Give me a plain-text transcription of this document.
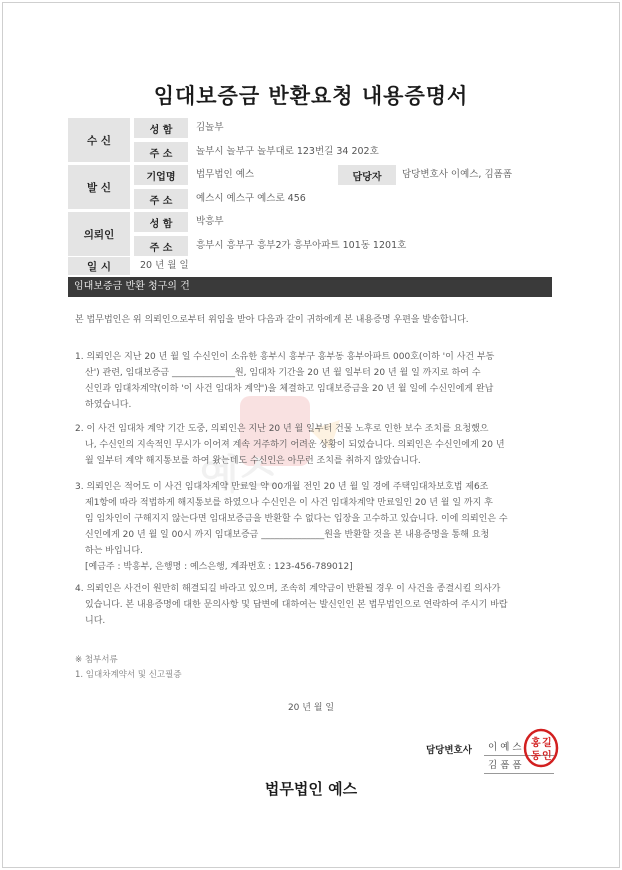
임대보증금 반환요청 내용증명서
수 신
성 함	김놀부
주 소	놀부시 놀부구 놀부대로 123번길 34 202호
발 신
기업명	법무법인 예스	담당자	담당변호사 이예스, 김폼폼
주 소	예스시 예스구 예스로 456
의뢰인
성 함	박흥부
주 소	흥부시 흥부구 흥부2가 흥부아파트 101동 1201호
일 시	20 년 월 일
임대보증금 반환 청구의 건
본 법무법인은 위 의뢰인으로부터 위임을 받아 다음과 같이 귀하에게 본 내용증명 우편을 발송합니다.
예스
1. 의뢰인은 지난 20 년 월 일 수신인이 소유한 흥부시 흥부구 흥부동 흥부아파트 000호(이하 '이 사건 부동
산') 관련, 임대보증금 ______________원, 임대차 기간을 20 년 월 일부터 20 년 월 일 까지로 하여 수
신인과 임대차계약(이하 '이 사건 임대차 계약')을 체결하고 임대보증금을 20 년 월 일에 수신인에게 완납
하였습니다.
2. 이 사건 임대차 계약 기간 도중, 의뢰인은 지난 20 년 월 일부터 건물 노후로 인한 보수 조치를 요청했으
나, 수신인의 지속적인 무시가 이어져 계속 거주하기 어려운 상황이 되었습니다. 의뢰인은 수신인에게 20 년
월 일부터 계약 해지통보를 하여 왔는데도 수신인은 아무런 조치를 취하지 않았습니다.
3. 의뢰인은 적어도 이 사건 임대차계약 만료일 약 00개월 전인 20 년 월 일 경에 주택임대차보호법 제6조
제1항에 따라 적법하게 해지통보를 하였으나 수신인은 이 사건 임대차계약 만료일인 20 년 월 일 까지 후
임 임차인이 구해지지 않는다면 임대보증금을 반환할 수 없다는 입장을 고수하고 있습니다. 이에 의뢰인은 수
신인에게 20 년 월 일 00시 까지 임대보증금 ______________원을 반환할 것을 본 내용증명을 통해 요청
하는 바입니다.
[예금주 : 박흥부, 은행명 : 예스은행, 계좌번호 : 123-456-789012]
4. 의뢰인은 사건이 원만히 해결되길 바라고 있으며, 조속히 계약금이 반환될 경우 이 사건을 종결시킬 의사가
있습니다. 본 내용증명에 대한 문의사항 및 답변에 대하여는 발신인인 본 법무법인으로 연락하여 주시기 바랍
니다.
※ 첨부서류
1. 임대차계약서 및 신고필증
20 년 월 일
담당변호사	이 예 스
김 폼 폼
홍 길
동 인
법무법인 예스
